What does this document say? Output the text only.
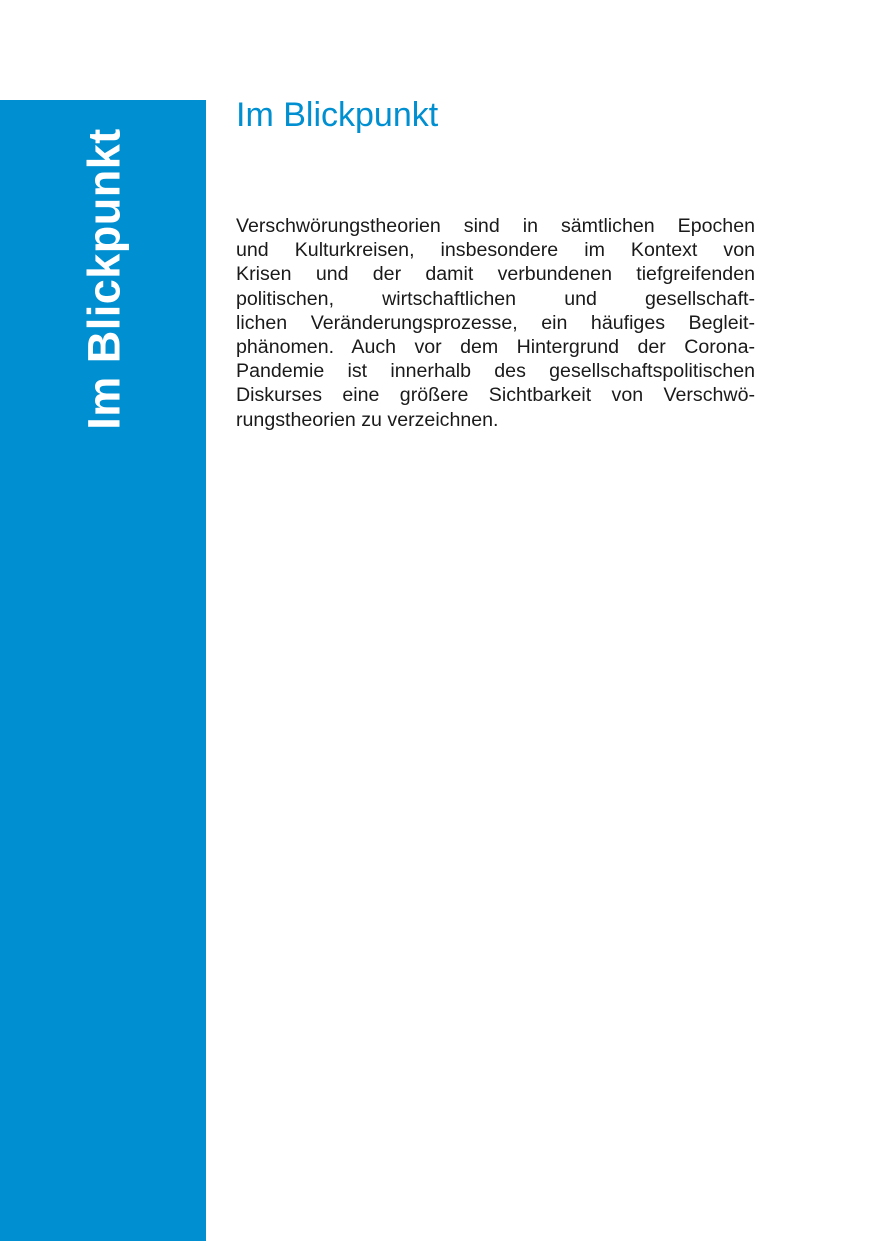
Im Blickpunkt
Im Blickpunkt
Verschwörungstheorien sind in sämtlichen Epochen
und Kulturkreisen, insbesondere im Kontext von
Krisen und der damit verbundenen tiefgreifenden
politischen, wirtschaftlichen und gesellschaft-
lichen Veränderungsprozesse, ein häufiges Begleit-
phänomen. Auch vor dem Hintergrund der Corona-
Pandemie ist innerhalb des gesellschaftspolitischen
Diskurses eine größere Sichtbarkeit von Verschwö-
rungstheorien zu verzeichnen.
